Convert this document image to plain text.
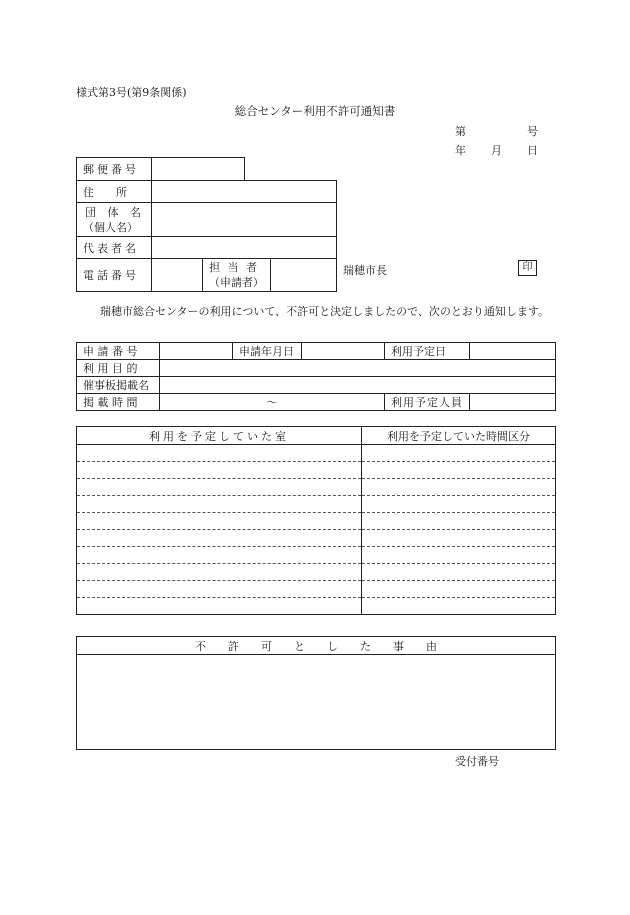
様式第3号(第9条関係)
総合センター利用不許可通知書
第	号
年 月 日
郵便番号		
住　　所	

団 体 名
（個人名）

代表者名	
電話番号	

担 当 者
（申請者）

瑞穂市長	印
瑞穂市総合センターの利用について、不許可と決定しましたので、次のとおり通知します。
申 請 番 号		申請年月日		利用予定日	
利 用 目 的					
催事板掲載名					
掲 載 時 間	〜			利用予定人員	
利用を予定していた室	利用を予定していた時間区分

不　　許　　可　　と　　し　　た　　事　　由

受付番号
